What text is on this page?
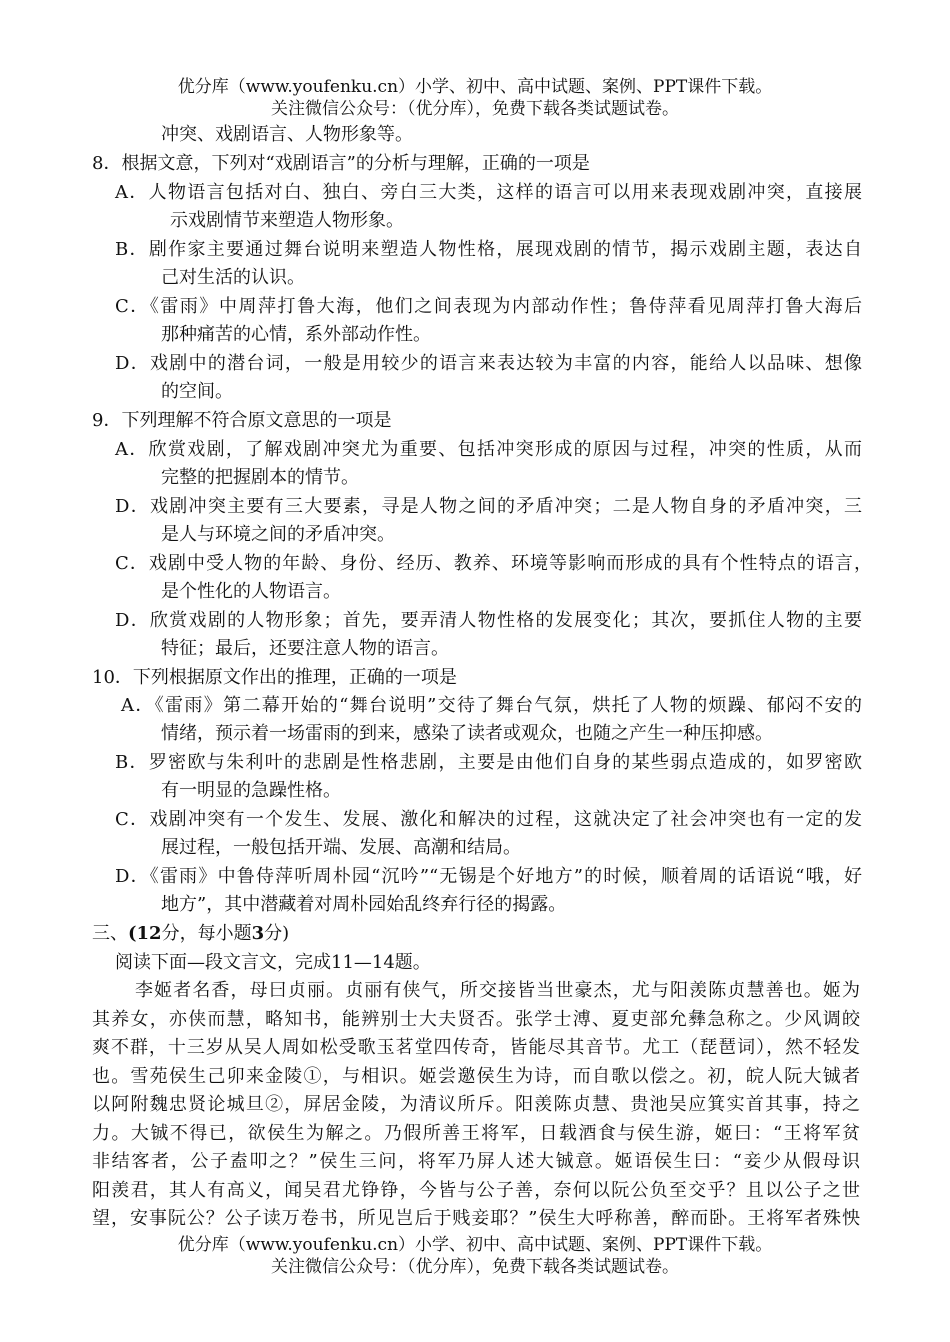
优分库（www.youfenku.cn）小学、初中、高中试题、案例、PPT课件下载。
关注微信公众号：（优分库），免费下载各类试题试卷。
冲突、戏剧语言、人物形象等。
8．根据文意，下列对“戏剧语言”的分析与理解，正确的一项是
A．人物语言包括对白、独白、旁白三大类，这样的语言可以用来表现戏剧冲突，直接展
示戏剧情节来塑造人物形象。
B．剧作家主要通过舞台说明来塑造人物性格，展现戏剧的情节，揭示戏剧主题，表达自
己对生活的认识。
C．《雷雨》中周萍打鲁大海，他们之间表现为内部动作性；鲁侍萍看见周萍打鲁大海后
那种痛苦的心情，系外部动作性。
D．戏剧中的潜台词，一般是用较少的语言来表达较为丰富的内容，能给人以品味、想像
的空间。
9．下列理解不符合原文意思的一项是
A．欣赏戏剧，了解戏剧冲突尤为重要、包括冲突形成的原因与过程，冲突的性质，从而
完整的把握剧本的情节。
D．戏剧冲突主要有三大要素，寻是人物之间的矛盾冲突；二是人物自身的矛盾冲突，三
是人与环境之间的矛盾冲突。
C．戏剧中受人物的年龄、身份、经历、教养、环境等影响而形成的具有个性特点的语言，
是个性化的人物语言。
D．欣赏戏剧的人物形象；首先，要弄清人物性格的发展变化；其次，要抓住人物的主要
特征；最后，还要注意人物的语言。
10．下列根据原文作出的推理，正确的一项是
A．《雷雨》第二幕开始的“舞台说明”交待了舞台气氛，烘托了人物的烦躁、郁闷不安的
情绪，预示着一场雷雨的到来，感染了读者或观众，也随之产生一种压抑感。
B．罗密欧与朱利叶的悲剧是性格悲剧，主要是由他们自身的某些弱点造成的，如罗密欧
有一明显的急躁性格。
C．戏剧冲突有一个发生、发展、激化和解决的过程，这就决定了社会冲突也有一定的发
展过程，一般包括开端、发展、高潮和结局。
D．《雷雨》中鲁侍萍听周朴园“沉吟”“无锡是个好地方”的时候，顺着周的话语说“哦，好
地方”，其中潜藏着对周朴园始乱终弃行径的揭露。
三、(12分，每小题3分)
阅读下面—段文言文，完成11—14题。
李姬者名香，母曰贞丽。贞丽有侠气，所交接皆当世豪杰，尤与阳羡陈贞慧善也。姬为
其养女，亦侠而慧，略知书，能辨别士大夫贤否。张学士溥、夏吏部允彝急称之。少风调皎
爽不群，十三岁从吴人周如松受歌玉茗堂四传奇，皆能尽其音节。尤工（琵琶词），然不轻发
也。雪苑侯生己卯来金陵①，与相识。姬尝邀侯生为诗，而自歌以偿之。初，皖人阮大铖者
以阿附魏忠贤论城旦②，屏居金陵，为清议所斥。阳羡陈贞慧、贵池吴应箕实首其事，持之
力。大铖不得已，欲侯生为解之。乃假所善王将军，日载酒食与侯生游，姬曰：“王将军贫
非结客者，公子盍叩之？”侯生三问，将军乃屏人述大铖意。姬语侯生曰：“妾少从假母识
阳羡君，其人有高义，闻吴君尤铮铮，今皆与公子善，奈何以阮公负至交乎？且以公子之世
望，安事阮公？公子读万卷书，所见岂后于贱妾耶？”侯生大呼称善，醉而卧。王将军者殊怏
优分库（www.youfenku.cn）小学、初中、高中试题、案例、PPT课件下载。
关注微信公众号：（优分库），免费下载各类试题试卷。
